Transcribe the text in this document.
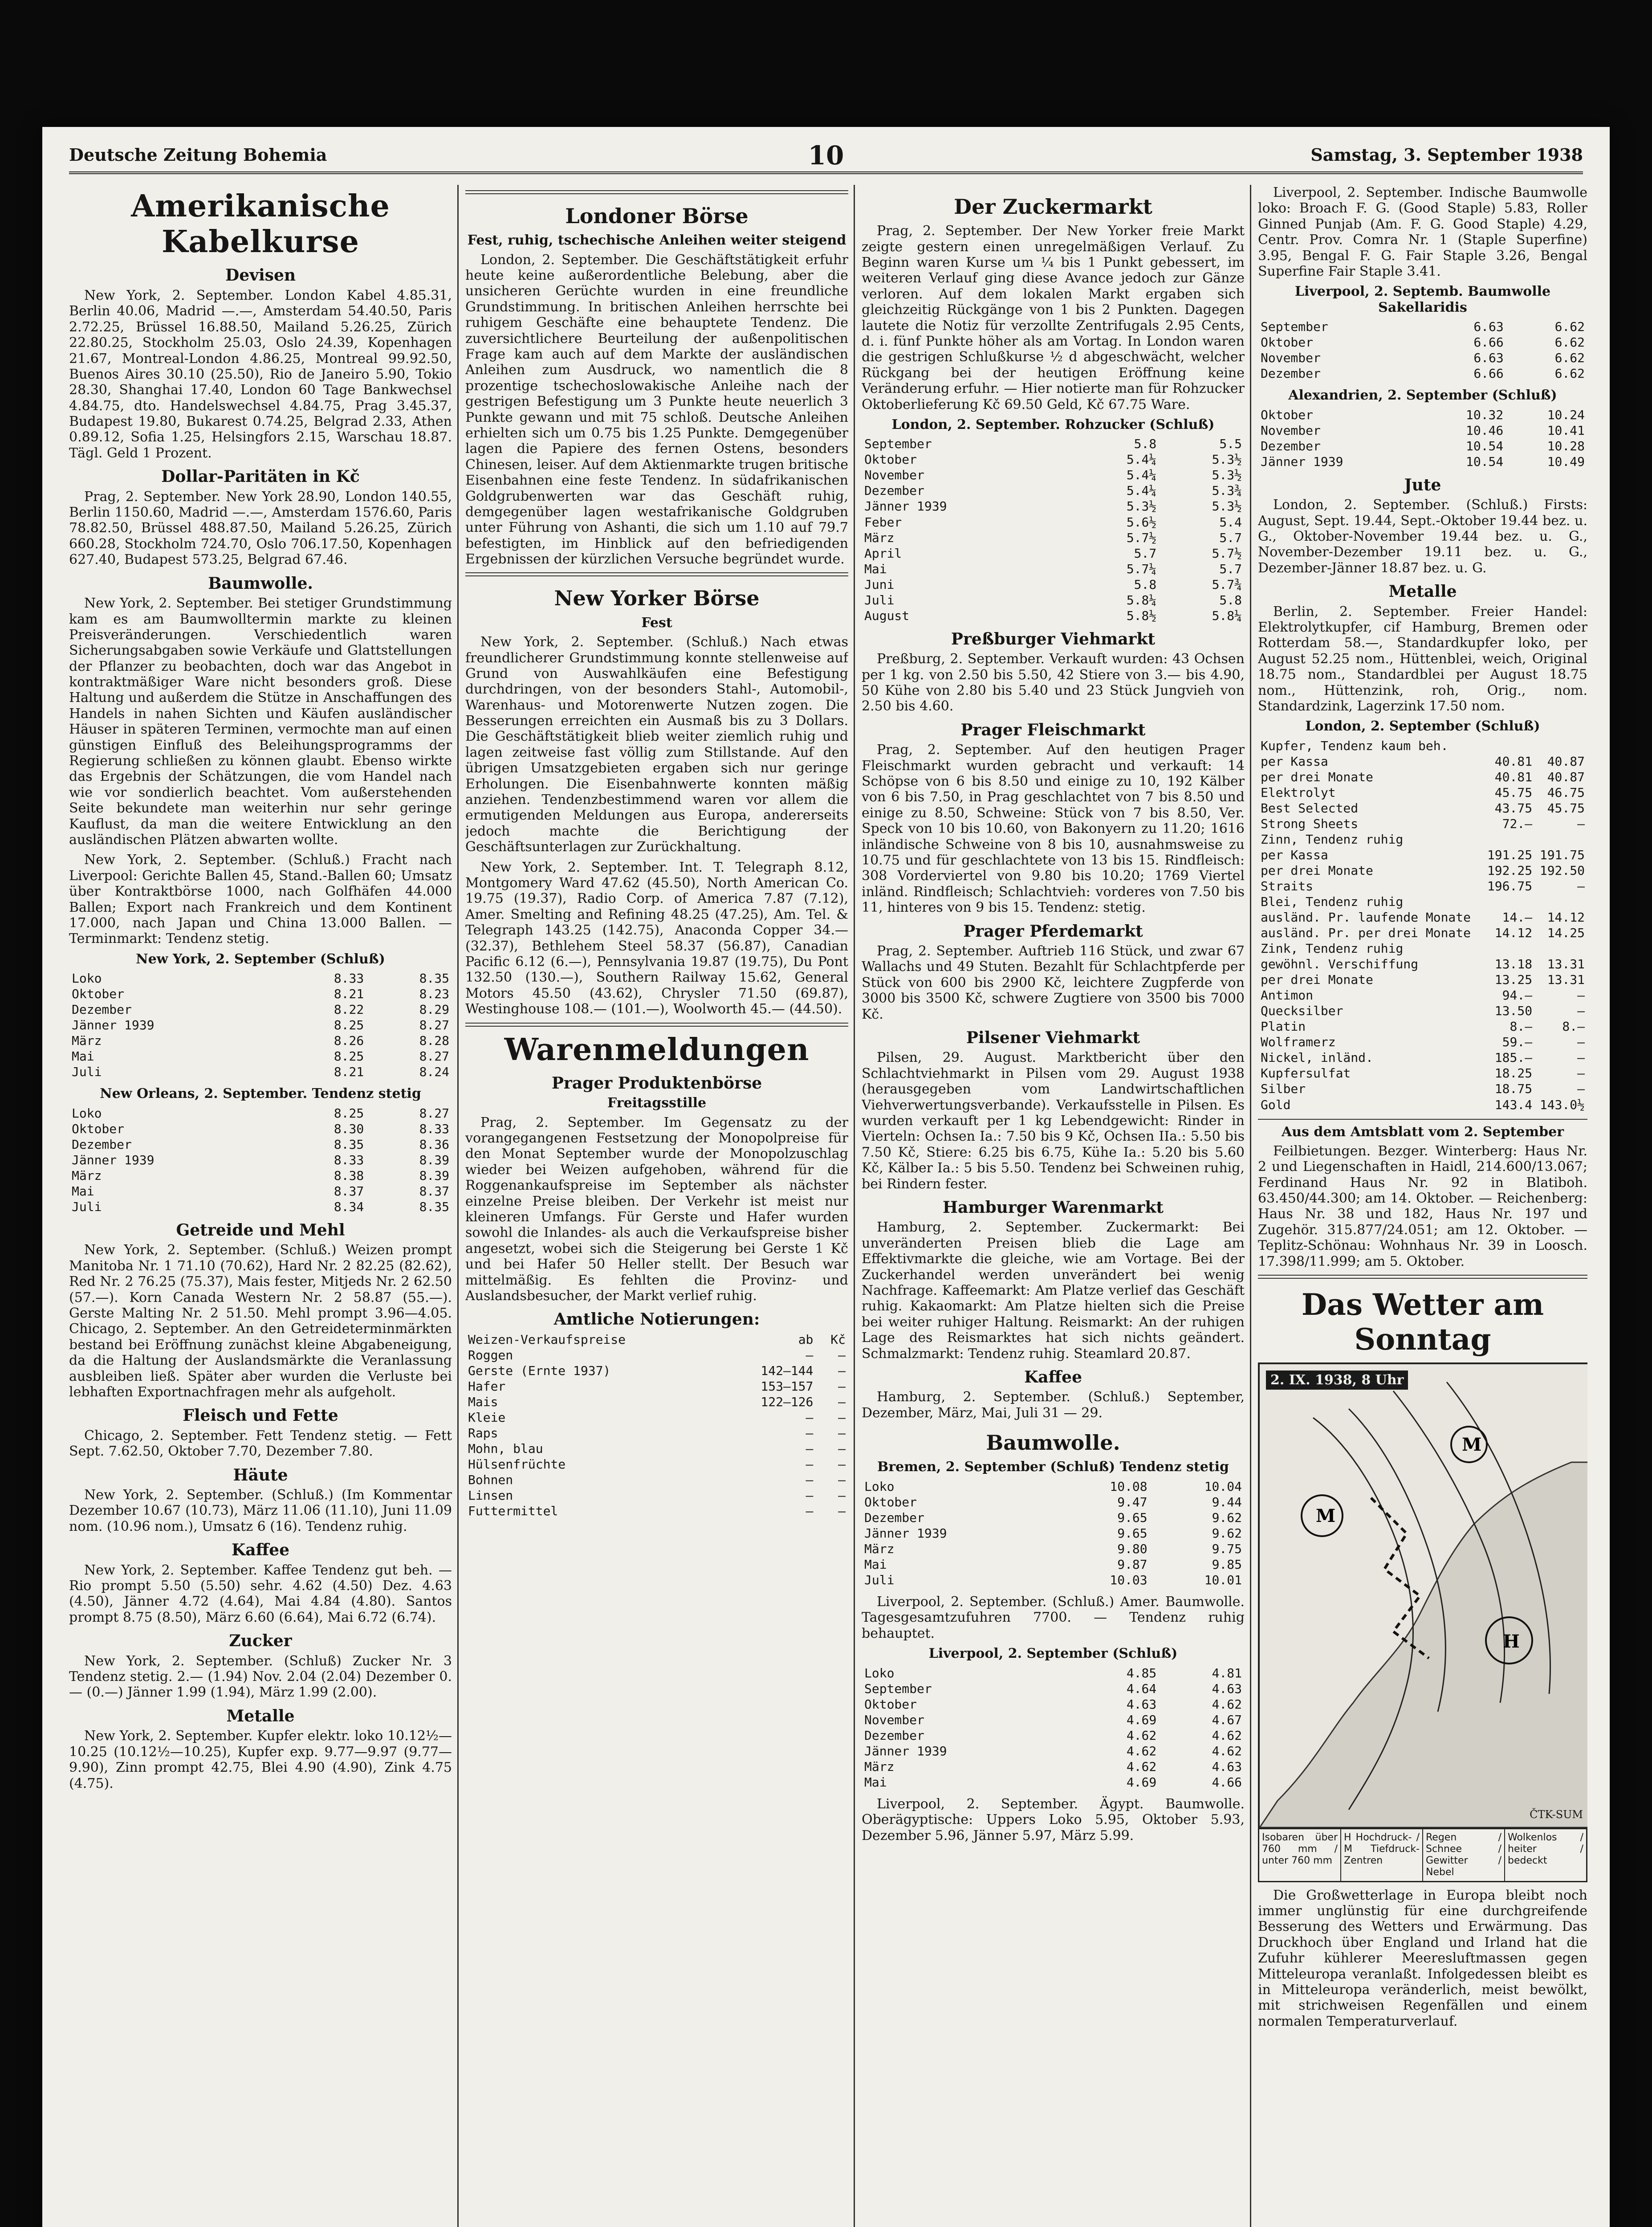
Deutsche Zeitung Bohemia	10	Samstag, 3. September 1938
Amerikanische Kabelkurse
Devisen

New York, 2. September. London Kabel 4.85.31, Berlin 40.06, Madrid —.—, Amsterdam 54.40.50, Paris 2.72.25, Brüssel 16.88.50, Mailand 5.26.25, Zürich 22.80.25, Stockholm 25.03, Oslo 24.39, Kopenhagen 21.67, Montreal-London 4.86.25, Montreal 99.92.50, Buenos Aires 30.10 (25.50), Rio de Janeiro 5.90, Tokio 28.30, Shanghai 17.40, London 60 Tage Bankwechsel 4.84.75, dto. Handelswechsel 4.84.75, Prag 3.45.37, Budapest 19.80, Bukarest 0.74.25, Belgrad 2.33, Athen 0.89.12, Sofia 1.25, Helsingfors 2.15, Warschau 18.87. Tägl. Geld 1 Prozent.

Dollar-Paritäten in Kč

Prag, 2. September. New York 28.90, London 140.55, Berlin 1150.60, Madrid —.—, Amsterdam 1576.60, Paris 78.82.50, Brüssel 488.87.50, Mailand 5.26.25, Zürich 660.28, Stockholm 724.70, Oslo 706.17.50, Kopenhagen 627.40, Budapest 573.25, Belgrad 67.46.

Baumwolle.

New York, 2. September. Bei stetiger Grundstimmung kam es am Baumwolltermin markte zu kleinen Preisveränderungen. Verschiedentlich waren Sicherungsabgaben sowie Verkäufe und Glattstellungen der Pflanzer zu beobachten, doch war das Angebot in kontraktmäßiger Ware nicht besonders groß. Diese Haltung und außerdem die Stütze in Anschaffungen des Handels in nahen Sichten und Käufen ausländischer Häuser in späteren Terminen, vermochte man auf einen günstigen Einfluß des Beleihungsprogramms der Regierung schließen zu können glaubt. Ebenso wirkte das Ergebnis der Schätzungen, die vom Handel nach wie vor sondierlich beachtet. Vom außerstehenden Seite bekundete man weiterhin nur sehr geringe Kauflust, da man die weitere Entwicklung an den ausländischen Plätzen abwarten wollte.

New York, 2. September. (Schluß.) Fracht nach Liverpool: Gerichte Ballen 45, Stand.-Ballen 60; Umsatz über Kontraktbörse 1000, nach Golfhäfen 44.000 Ballen; Export nach Frankreich und dem Kontinent 17.000, nach Japan und China 13.000 Ballen. — Terminmarkt: Tendenz stetig.

New York, 2. September (Schluß)
Loko	8.33	8.35
Oktober	8.21	8.23
Dezember	8.22	8.29
Jänner 1939	8.25	8.27
März	8.26	8.28
Mai	8.25	8.27
Juli	8.21	8.24
New Orleans, 2. September. Tendenz stetig
Loko	8.25	8.27
Oktober	8.30	8.33
Dezember	8.35	8.36
Jänner 1939	8.33	8.39
März	8.38	8.39
Mai	8.37	8.37
Juli	8.34	8.35
Getreide und Mehl

New York, 2. September. (Schluß.) Weizen prompt Manitoba Nr. 1 71.10 (70.62), Hard Nr. 2 82.25 (82.62), Red Nr. 2 76.25 (75.37), Mais fester, Mitjeds Nr. 2 62.50 (57.—). Korn Canada Western Nr. 2 58.87 (55.—). Gerste Malting Nr. 2 51.50. Mehl prompt 3.96—4.05. Chicago, 2. September. An den Getreideterminmärkten bestand bei Eröffnung zunächst kleine Abgabeneigung, da die Haltung der Auslandsmärkte die Veranlassung ausbleiben ließ. Später aber wurden die Verluste bei lebhaften Exportnachfragen mehr als aufgeholt.

Fleisch und Fette

Chicago, 2. September. Fett Tendenz stetig. — Fett Sept. 7.62.50, Oktober 7.70, Dezember 7.80.

Häute

New York, 2. September. (Schluß.) (Im Kommentar Dezember 10.67 (10.73), März 11.06 (11.10), Juni 11.09 nom. (10.96 nom.), Umsatz 6 (16). Tendenz ruhig.

Kaffee

New York, 2. September. Kaffee Tendenz gut beh. — Rio prompt 5.50 (5.50) sehr. 4.62 (4.50) Dez. 4.63 (4.50), Jänner 4.72 (4.64), Mai 4.84 (4.80). Santos prompt 8.75 (8.50), März 6.60 (6.64), Mai 6.72 (6.74).

Zucker

New York, 2. September. (Schluß) Zucker Nr. 3 Tendenz stetig. 2.— (1.94) Nov. 2.04 (2.04) Dezember 0.— (0.—) Jänner 1.99 (1.94), März 1.99 (2.00).

Metalle

New York, 2. September. Kupfer elektr. loko 10.12½—10.25 (10.12½—10.25), Kupfer exp. 9.77—9.97 (9.77—9.90), Zinn prompt 42.75, Blei 4.90 (4.90), Zink 4.75 (4.75).

Londoner Börse
Fest, ruhig, tschechische Anleihen weiter steigend

London, 2. September. Die Geschäftstätigkeit erfuhr heute keine außerordentliche Belebung, aber die unsicheren Gerüchte wurden in eine freundliche Grundstimmung. In britischen Anleihen herrschte bei ruhigem Geschäfte eine behauptete Tendenz. Die zuversichtlichere Beurteilung der außenpolitischen Frage kam auch auf dem Markte der ausländischen Anleihen zum Ausdruck, wo namentlich die 8 prozentige tschechoslowakische Anleihe nach der gestrigen Befestigung um 3 Punkte heute neuerlich 3 Punkte gewann und mit 75 schloß. Deutsche Anleihen erhielten sich um 0.75 bis 1.25 Punkte. Demgegenüber lagen die Papiere des fernen Ostens, besonders Chinesen, leiser. Auf dem Aktienmarkte trugen britische Eisenbahnen eine feste Tendenz. In südafrikanischen Goldgrubenwerten war das Geschäft ruhig, demgegenüber lagen westafrikanische Goldgruben unter Führung von Ashanti, die sich um 1.10 auf 79.7 befestigten, im Hinblick auf den befriedigenden Ergebnissen der kürzlichen Versuche begründet wurde.

New Yorker Börse
Fest

New York, 2. September. (Schluß.) Nach etwas freundlicherer Grundstimmung konnte stellenweise auf Grund von Auswahlkäufen eine Befestigung durchdringen, von der besonders Stahl-, Automobil-, Warenhaus- und Motorenwerte Nutzen zogen. Die Besserungen erreichten ein Ausmaß bis zu 3 Dollars. Die Geschäftstätigkeit blieb weiter ziemlich ruhig und lagen zeitweise fast völlig zum Stillstande. Auf den übrigen Umsatzgebieten ergaben sich nur geringe Erholungen. Die Eisenbahnwerte konnten mäßig anziehen. Tendenzbestimmend waren vor allem die ermutigenden Meldungen aus Europa, andererseits jedoch machte die Berichtigung der Geschäftsunterlagen zur Zurückhaltung.

New York, 2. September. Int. T. Telegraph 8.12, Montgomery Ward 47.62 (45.50), North American Co. 19.75 (19.37), Radio Corp. of America 7.87 (7.12), Amer. Smelting and Refining 48.25 (47.25), Am. Tel. & Telegraph 143.25 (142.75), Anaconda Copper 34.— (32.37), Bethlehem Steel 58.37 (56.87), Canadian Pacific 6.12 (6.—), Pennsylvania 19.87 (19.75), Du Pont 132.50 (130.—), Southern Railway 15.62, General Motors 45.50 (43.62), Chrysler 71.50 (69.87), Westinghouse 108.— (101.—), Woolworth 45.— (44.50).

Warenmeldungen
Prager Produktenbörse
Freitagsstille

Prag, 2. September. Im Gegensatz zu der vorangegangenen Festsetzung der Monopolpreise für den Monat September wurde der Monopolzuschlag wieder bei Weizen aufgehoben, während für die Roggenankaufspreise im September als nächster einzelne Preise bleiben. Der Verkehr ist meist nur kleineren Umfangs. Für Gerste und Hafer wurden sowohl die Inlandes- als auch die Verkaufspreise bisher angesetzt, wobei sich die Steigerung bei Gerste 1 Kč und bei Hafer 50 Heller stellt. Der Besuch war mittelmäßig. Es fehlten die Provinz- und Auslandsbesucher, der Markt verlief ruhig.

Amtliche Notierungen:
Weizen-Verkaufspreise	ab	Kč
Roggen	—	—
Gerste (Ernte 1937)	142—144	—
Hafer	153—157	—
Mais	122—126	—
Kleie	—	—
Raps	—	—
Mohn, blau	—	—
Hülsenfrüchte	—	—
Bohnen	—	—
Linsen	—	—
Futtermittel	—	—
Der Zuckermarkt

Prag, 2. September. Der New Yorker freie Markt zeigte gestern einen unregelmäßigen Verlauf. Zu Beginn waren Kurse um ¼ bis 1 Punkt gebessert, im weiteren Verlauf ging diese Avance jedoch zur Gänze verloren. Auf dem lokalen Markt ergaben sich gleichzeitig Rückgänge von 1 bis 2 Punkten. Dagegen lautete die Notiz für verzollte Zentrifugals 2.95 Cents, d. i. fünf Punkte höher als am Vortag. In London waren die gestrigen Schlußkurse ½ d abgeschwächt, welcher Rückgang bei der heutigen Eröffnung keine Veränderung erfuhr. — Hier notierte man für Rohzucker Oktoberlieferung Kč 69.50 Geld, Kč 67.75 Ware.

London, 2. September. Rohzucker (Schluß)
September	5.8	5.5
Oktober	5.4¼	5.3½
November	5.4¼	5.3½
Dezember	5.4¼	5.3¾
Jänner 1939	5.3½	5.3½
Feber	5.6½	5.4
März	5.7½	5.7
April	5.7	5.7½
Mai	5.7¼	5.7
Juni	5.8	5.7¾
Juli	5.8¼	5.8
August	5.8½	5.8¼
Preßburger Viehmarkt

Preßburg, 2. September. Verkauft wurden: 43 Ochsen per 1 kg. von 2.50 bis 5.50, 42 Stiere von 3.— bis 4.90, 50 Kühe von 2.80 bis 5.40 und 23 Stück Jungvieh von 2.50 bis 4.60.

Prager Fleischmarkt

Prag, 2. September. Auf den heutigen Prager Fleischmarkt wurden gebracht und verkauft: 14 Schöpse von 6 bis 8.50 und einige zu 10, 192 Kälber von 6 bis 7.50, in Prag geschlachtet von 7 bis 8.50 und einige zu 8.50, Schweine: Stück von 7 bis 8.50, Ver. Speck von 10 bis 10.60, von Bakonyern zu 11.20; 1616 inländische Schweine von 8 bis 10, ausnahmsweise zu 10.75 und für geschlachtete von 13 bis 15. Rindfleisch: 308 Vorderviertel von 9.80 bis 10.20; 1769 Viertel inländ. Rindfleisch; Schlachtvieh: vorderes von 7.50 bis 11, hinteres von 9 bis 15. Tendenz: stetig.

Prager Pferdemarkt

Prag, 2. September. Auftrieb 116 Stück, und zwar 67 Wallachs und 49 Stuten. Bezahlt für Schlachtpferde per Stück von 600 bis 2900 Kč, leichtere Zugpferde von 3000 bis 3500 Kč, schwere Zugtiere von 3500 bis 7000 Kč.

Pilsener Viehmarkt

Pilsen, 29. August. Marktbericht über den Schlachtviehmarkt in Pilsen vom 29. August 1938 (herausgegeben vom Landwirtschaftlichen Viehverwertungsverbande). Verkaufsstelle in Pilsen. Es wurden verkauft per 1 kg Lebendgewicht: Rinder in Vierteln: Ochsen Ia.: 7.50 bis 9 Kč, Ochsen IIa.: 5.50 bis 7.50 Kč, Stiere: 6.25 bis 6.75, Kühe Ia.: 5.20 bis 5.60 Kč, Kälber Ia.: 5 bis 5.50. Tendenz bei Schweinen ruhig, bei Rindern fester.

Hamburger Warenmarkt

Hamburg, 2. September. Zuckermarkt: Bei unveränderten Preisen blieb die Lage am Effektivmarkte die gleiche, wie am Vortage. Bei der Zuckerhandel werden unverändert bei wenig Nachfrage. Kaffeemarkt: Am Platze verlief das Geschäft ruhig. Kakaomarkt: Am Platze hielten sich die Preise bei weiter ruhiger Haltung. Reismarkt: An der ruhigen Lage des Reismarktes hat sich nichts geändert. Schmalzmarkt: Tendenz ruhig. Steamlard 20.87.

Kaffee

Hamburg, 2. September. (Schluß.) September, Dezember, März, Mai, Juli 31 — 29.

Baumwolle.
Bremen, 2. September (Schluß) Tendenz stetig
Loko	10.08	10.04
Oktober	9.47	9.44
Dezember	9.65	9.62
Jänner 1939	9.65	9.62
März	9.80	9.75
Mai	9.87	9.85
Juli	10.03	10.01

Liverpool, 2. September. (Schluß.) Amer. Baumwolle. Tagesgesamtzufuhren 7700. — Tendenz ruhig behauptet.

Liverpool, 2. September (Schluß)
Loko	4.85	4.81
September	4.64	4.63
Oktober	4.63	4.62
November	4.69	4.67
Dezember	4.62	4.62
Jänner 1939	4.62	4.62
März	4.62	4.63
Mai	4.69	4.66

Liverpool, 2. September. Ägypt. Baumwolle. Oberägyptische: Uppers Loko 5.95, Oktober 5.93, Dezember 5.96, Jänner 5.97, März 5.99.

Liverpool, 2. September. Indische Baumwolle loko: Broach F. G. (Good Staple) 5.83, Roller Ginned Punjab (Am. F. G. Good Staple) 4.29, Centr. Prov. Comra Nr. 1 (Staple Superfine) 3.95, Bengal F. G. Fair Staple 3.26, Bengal Superfine Fair Staple 3.41.

Liverpool, 2. Septemb. Baumwolle Sakellaridis
September	6.63	6.62
Oktober	6.66	6.62
November	6.63	6.62
Dezember	6.66	6.62
Alexandrien, 2. September (Schluß)
Oktober	10.32	10.24
November	10.46	10.41
Dezember	10.54	10.28
Jänner 1939	10.54	10.49
Jute

London, 2. September. (Schluß.) Firsts: August, Sept. 19.44, Sept.-Oktober 19.44 bez. u. G., Oktober-November 19.44 bez. u. G., November-Dezember 19.11 bez. u. G., Dezember-Jänner 18.87 bez. u. G.

Metalle

Berlin, 2. September. Freier Handel: Elektrolytkupfer, cif Hamburg, Bremen oder Rotterdam 58.—, Standardkupfer loko, per August 52.25 nom., Hüttenblei, weich, Original 18.75 nom., Standardblei per August 18.75 nom., Hüttenzink, roh, Orig., nom. Standardzink, Lagerzink 17.50 nom.

London, 2. September (Schluß)
Kupfer, Tendenz kaum beh.		
per Kassa	40.81	40.87
per drei Monate	40.81	40.87
Elektrolyt	45.75	46.75
Best Selected	43.75	45.75
Strong Sheets	72.—	—
Zinn, Tendenz ruhig		
per Kassa	191.25	191.75
per drei Monate	192.25	192.50
Straits	196.75	—
Blei, Tendenz ruhig		
ausländ. Pr. laufende Monate	14.—	14.12
ausländ. Pr. per drei Monate	14.12	14.25
Zink, Tendenz ruhig		
gewöhnl. Verschiffung	13.18	13.31
per drei Monate	13.25	13.31
Antimon	94.—	—
Quecksilber	13.50	—
Platin	8.—	8.—
Wolframerz	59.—	—
Nickel, inländ.	185.—	—
Kupfersulfat	18.25	—
Silber	18.75	—
Gold	143.4	143.0½
Aus dem Amtsblatt vom 2. September

Feilbietungen. Bezger. Winterberg: Haus Nr. 2 und Liegenschaften in Haidl, 214.600/13.067; Ferdinand Haus Nr. 92 in Blatiboh. 63.450/44.300; am 14. Oktober. — Reichenberg: Haus Nr. 38 und 182, Haus Nr. 197 und Zugehör. 315.877/24.051; am 12. Oktober. — Teplitz-Schönau: Wohnhaus Nr. 39 in Loosch. 17.398/11.999; am 5. Oktober.

Das Wetter am Sonntag
M
M
H
2. IX. 1938, 8 Uhr
ČTK-SUM
Isobaren über 760 mm / unter 760 mm
H Hochdruck- / M Tiefdruck-Zentren
Regen / Schnee / Gewitter / Nebel
Wolkenlos / heiter / bedeckt

Die Großwetterlage in Europa bleibt noch immer unglünstig für eine durchgreifende Besserung des Wetters und Erwärmung. Das Druckhoch über England und Irland hat die Zufuhr kühlerer Meeresluftmassen gegen Mitteleuropa veranlaßt. Infolgedessen bleibt es in Mitteleuropa veränderlich, meist bewölkt, mit strichweisen Regenfällen und einem normalen Temperaturverlauf.
